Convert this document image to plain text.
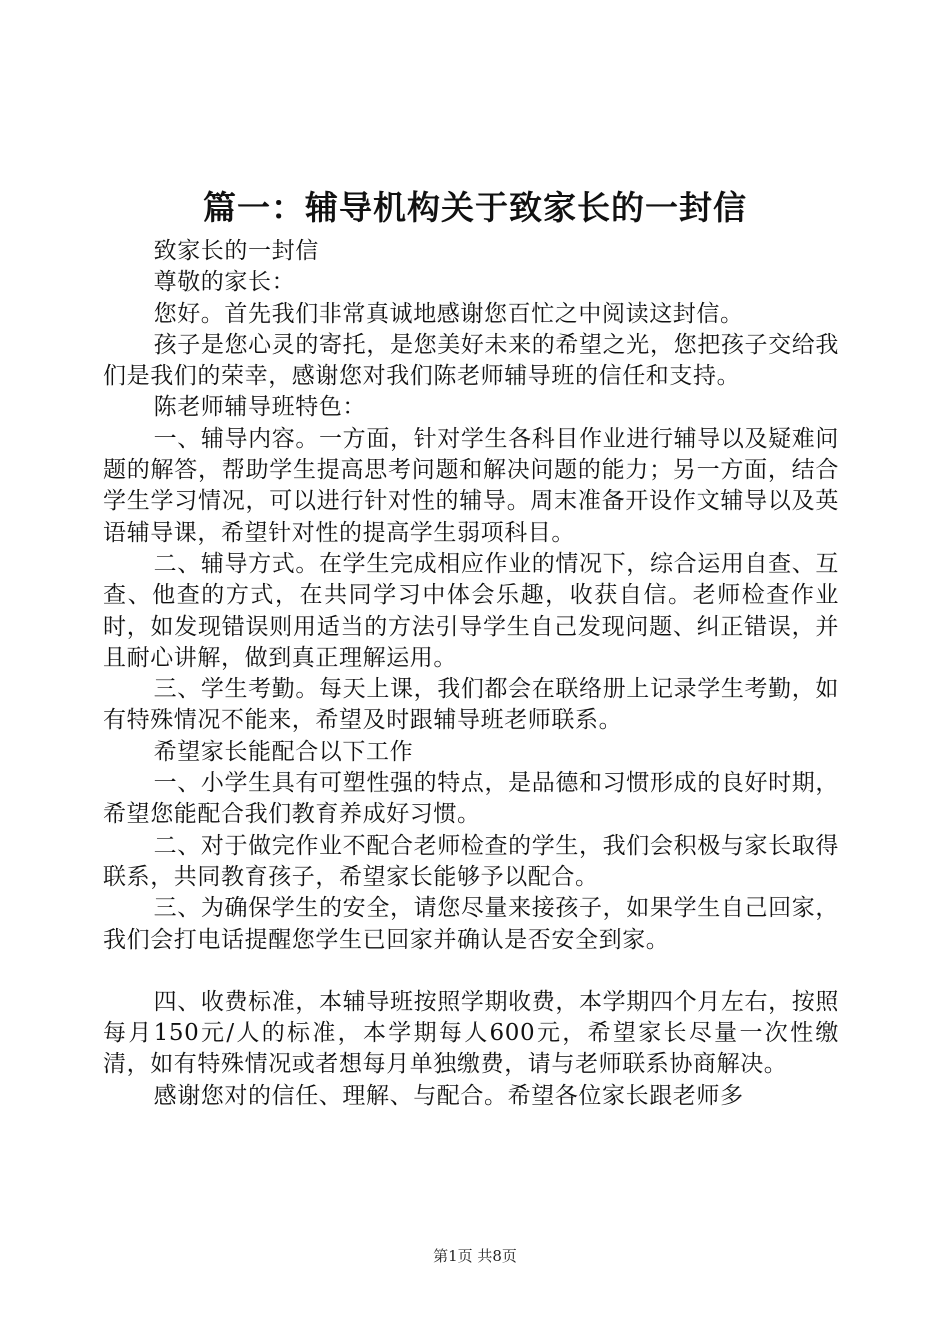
篇一：辅导机构关于致家长的一封信

致家长的一封信

尊敬的家长：

您好。首先我们非常真诚地感谢您百忙之中阅读这封信。

孩子是您心灵的寄托，是您美好未来的希望之光，您把孩子交给我们是我们的荣幸，感谢您对我们陈老师辅导班的信任和支持。

陈老师辅导班特色：

一、辅导内容。一方面，针对学生各科目作业进行辅导以及疑难问题的解答，帮助学生提高思考问题和解决问题的能力；另一方面，结合学生学习情况，可以进行针对性的辅导。周末准备开设作文辅导以及英语辅导课，希望针对性的提高学生弱项科目。

二、辅导方式。在学生完成相应作业的情况下，综合运用自查、互查、他查的方式，在共同学习中体会乐趣，收获自信。老师检查作业时，如发现错误则用适当的方法引导学生自己发现问题、纠正错误，并且耐心讲解，做到真正理解运用。

三、学生考勤。每天上课，我们都会在联络册上记录学生考勤，如有特殊情况不能来，希望及时跟辅导班老师联系。

希望家长能配合以下工作

一、小学生具有可塑性强的特点，是品德和习惯形成的良好时期，希望您能配合我们教育养成好习惯。

二、对于做完作业不配合老师检查的学生，我们会积极与家长取得联系，共同教育孩子，希望家长能够予以配合。

三、为确保学生的安全，请您尽量来接孩子，如果学生自己回家，我们会打电话提醒您学生已回家并确认是否安全到家。

四、收费标准，本辅导班按照学期收费，本学期四个月左右，按照每月150元/人的标准，本学期每人600元，希望家长尽量一次性缴清，如有特殊情况或者想每月单独缴费，请与老师联系协商解决。

感谢您对的信任、理解、与配合。希望各位家长跟老师多

第1页 共8页
